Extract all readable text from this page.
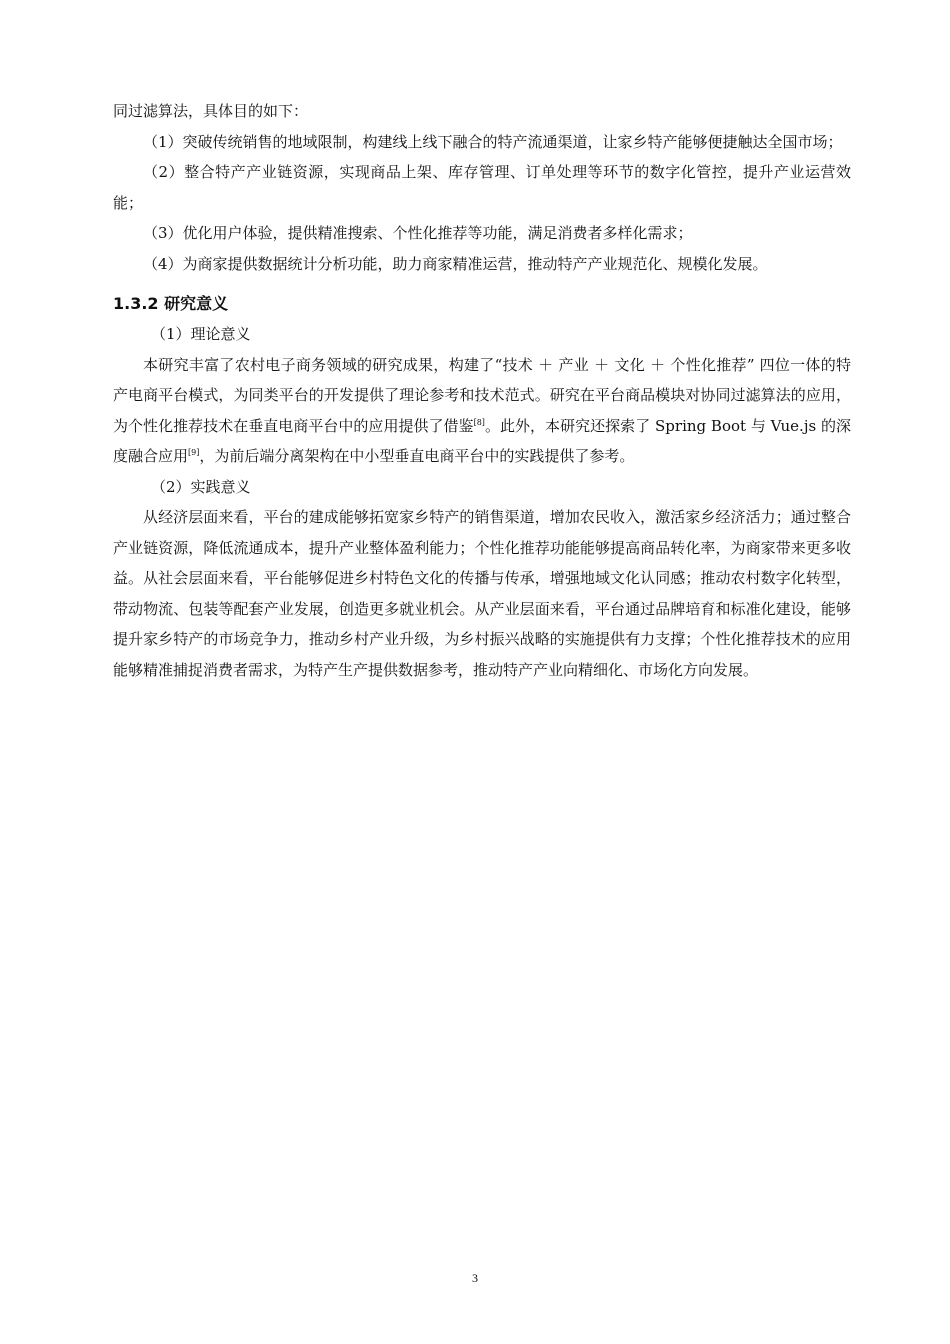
同过滤算法，具体目的如下：

（1）突破传统销售的地域限制，构建线上线下融合的特产流通渠道，让家乡特产能够便捷触达全国市场；

（2）整合特产产业链资源，实现商品上架、库存管理、订单处理等环节的数字化管控，提升产业运营效能；

（3）优化用户体验，提供精准搜索、个性化推荐等功能，满足消费者多样化需求；

（4）为商家提供数据统计分析功能，助力商家精准运营，推动特产产业规范化、规模化发展。

1.3.2 研究意义

（1）理论意义

本研究丰富了农村电子商务领域的研究成果，构建了“技术 ＋ 产业 ＋ 文化 ＋ 个性化推荐” 四位一体的特产电商平台模式，为同类平台的开发提供了理论参考和技术范式。研究在平台商品模块对协同过滤算法的应用，为个性化推荐技术在垂直电商平台中的应用提供了借鉴[8]。此外，本研究还探索了 Spring Boot 与 Vue.js 的深度融合应用[9]，为前后端分离架构在中小型垂直电商平台中的实践提供了参考。

（2）实践意义

从经济层面来看，平台的建成能够拓宽家乡特产的销售渠道，增加农民收入，激活家乡经济活力；通过整合产业链资源，降低流通成本，提升产业整体盈利能力；个性化推荐功能能够提高商品转化率，为商家带来更多收益。从社会层面来看，平台能够促进乡村特色文化的传播与传承，增强地域文化认同感；推动农村数字化转型，带动物流、包装等配套产业发展，创造更多就业机会。从产业层面来看，平台通过品牌培育和标准化建设，能够提升家乡特产的市场竞争力，推动乡村产业升级，为乡村振兴战略的实施提供有力支撑；个性化推荐技术的应用能够精准捕捉消费者需求，为特产生产提供数据参考，推动特产产业向精细化、市场化方向发展。

3
